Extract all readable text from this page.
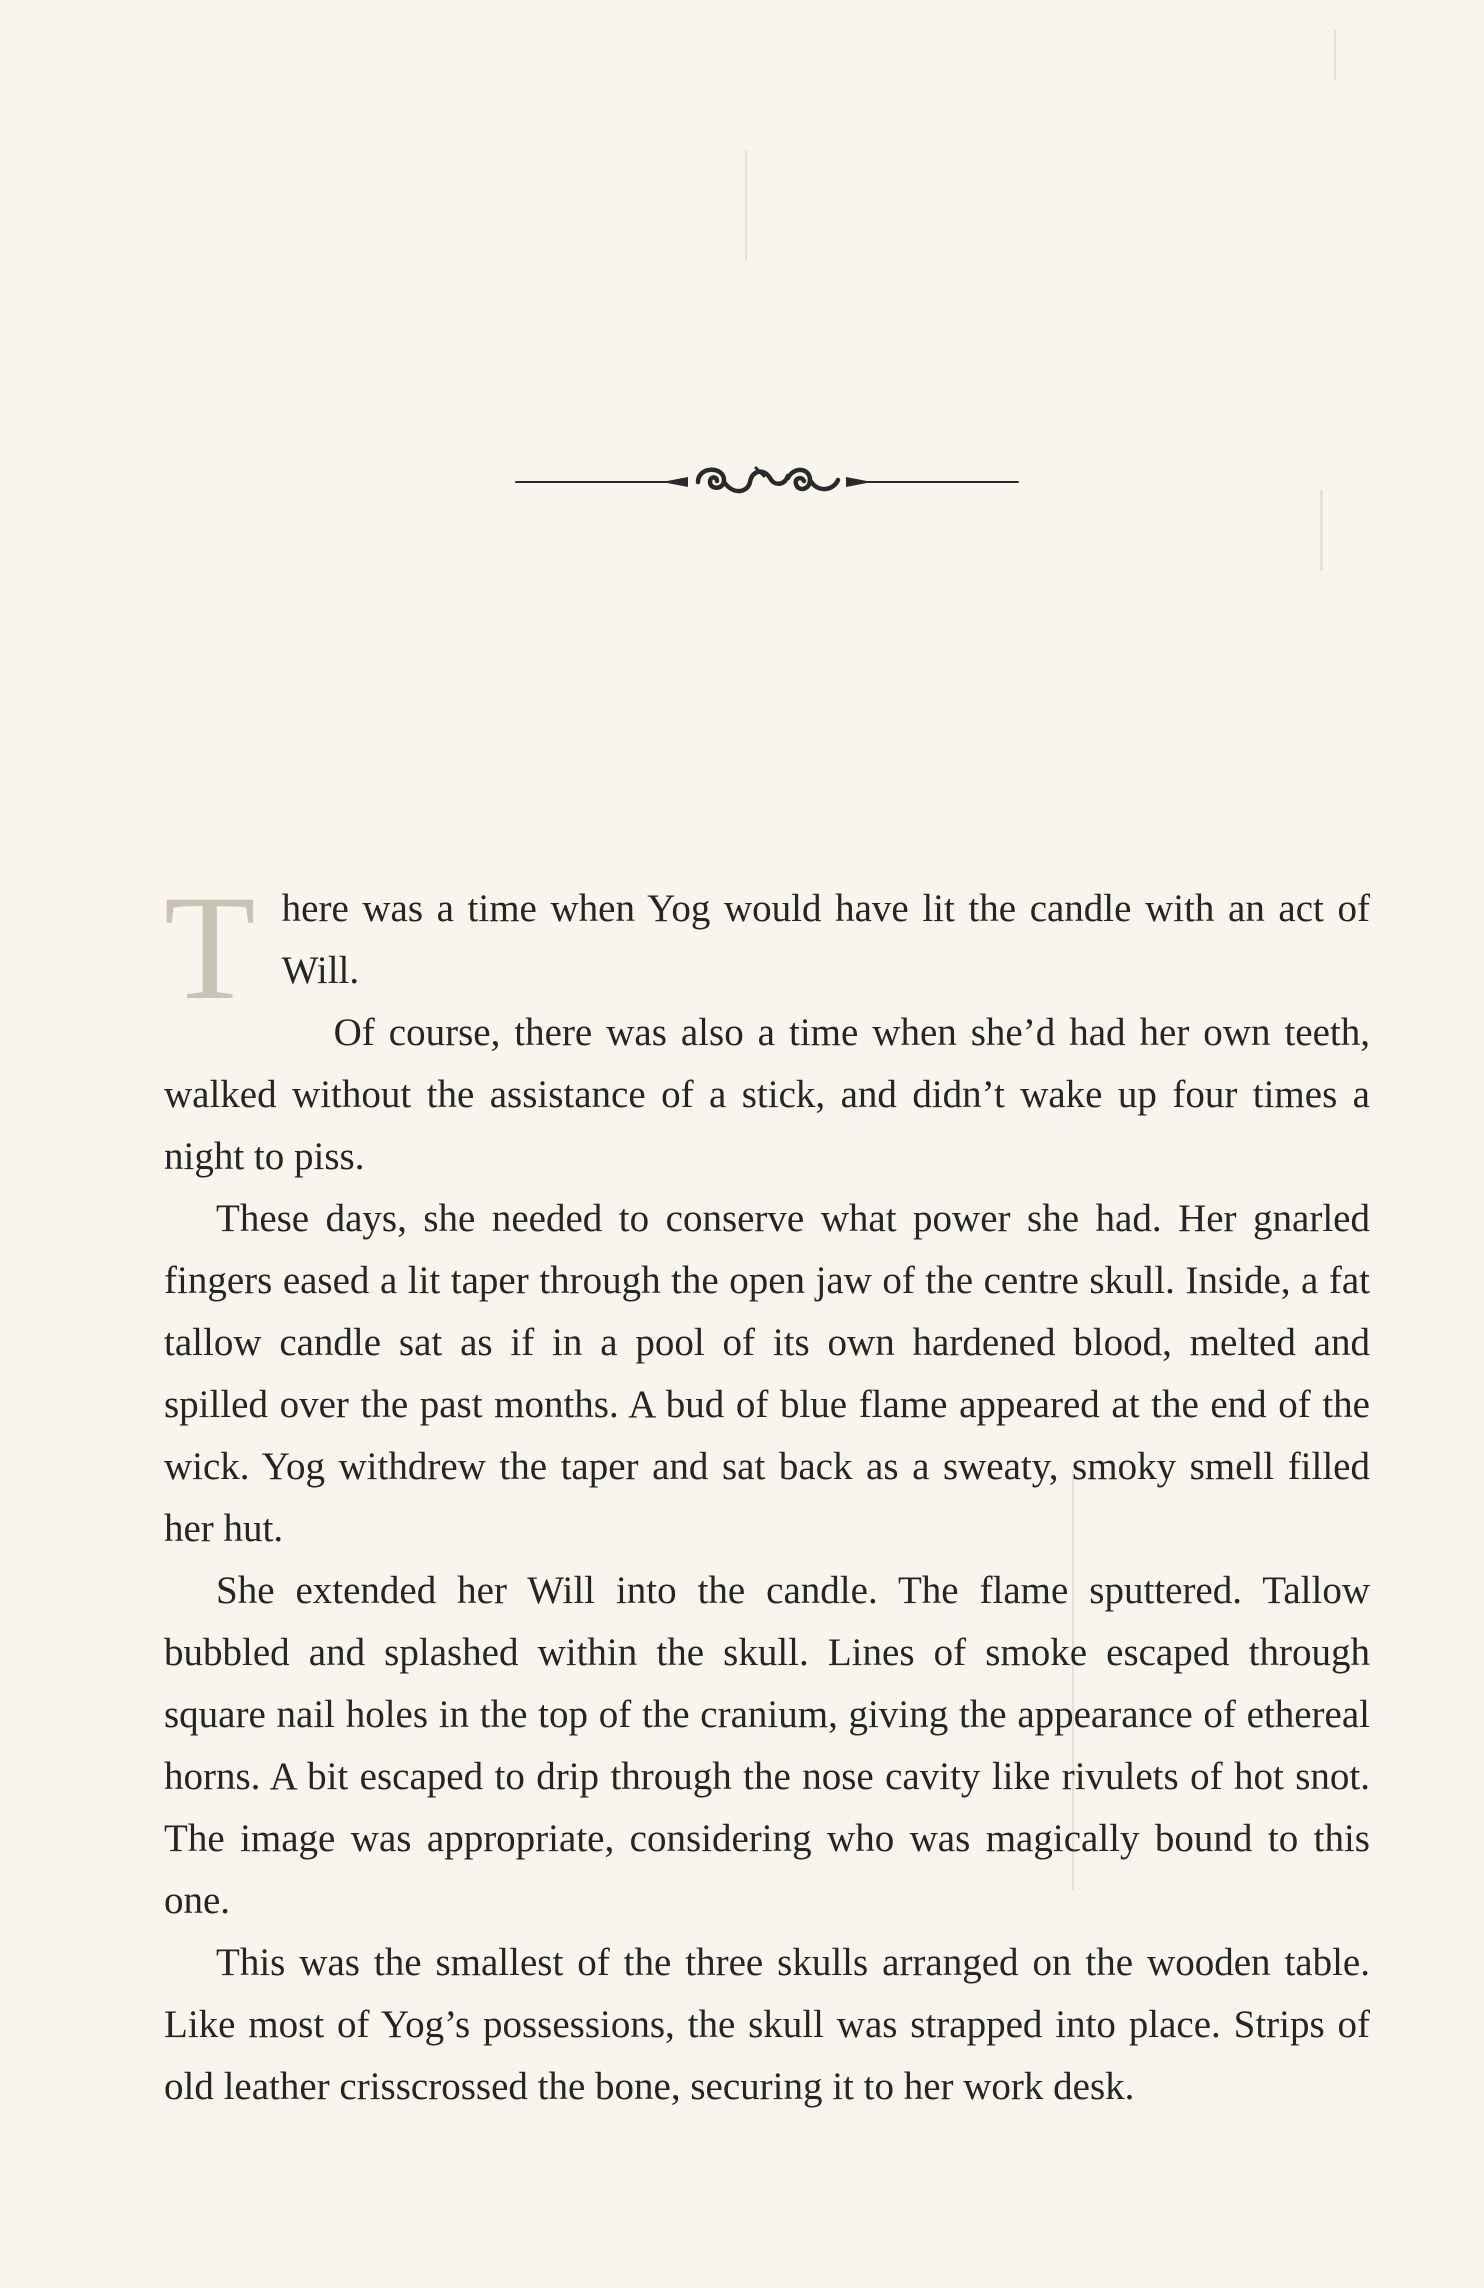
There was a time when Yog would have lit the candle with an act of Will.

Of course, there was also a time when she’d had her own teeth, walked without the assistance of a stick, and didn’t wake up four times a night to piss.

These days, she needed to conserve what power she had. Her gnarled fingers eased a lit taper through the open jaw of the centre skull. Inside, a fat tallow candle sat as if in a pool of its own hardened blood, melted and spilled over the past months. A bud of blue flame appeared at the end of the wick. Yog withdrew the taper and sat back as a sweaty, smoky smell filled her hut.

She extended her Will into the candle. The flame sputtered. Tallow bubbled and splashed within the skull. Lines of smoke escaped through square nail holes in the top of the cranium, giving the appearance of ethereal horns. A bit escaped to drip through the nose cavity like rivulets of hot snot. The image was appropriate, considering who was magically bound to this one.

This was the smallest of the three skulls arranged on the wooden table. Like most of Yog’s possessions, the skull was strapped into place. Strips of old leather crisscrossed the bone, securing it to her work desk.
